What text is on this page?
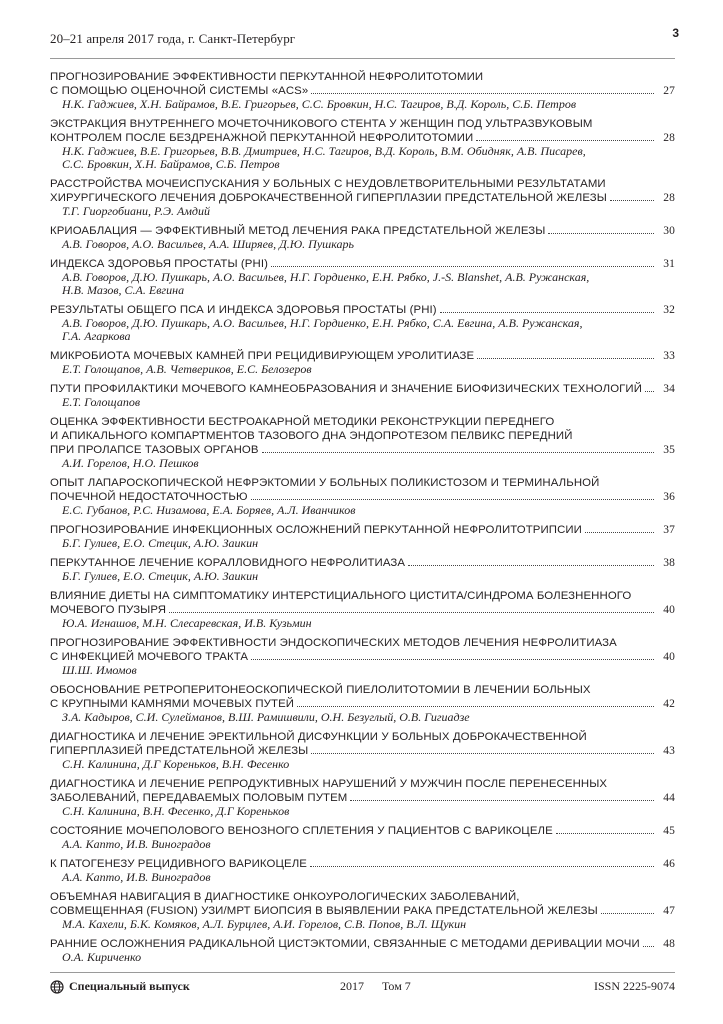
20–21 апреля 2017 года, г. Санкт-Петербург	3
ПРОГНОЗИРОВАНИЕ ЭФФЕКТИВНОСТИ ПЕРКУТАННОЙ НЕФРОЛИТОТОМИИ
С ПОМОЩЬЮ ОЦЕНОЧНОЙ СИСТЕМЫ «ACS»	27
Н.К. Гаджиев, Х.Н. Байрамов, В.Е. Григорьев, С.С. Бровкин, Н.С. Тагиров, В.Д. Король, С.Б. Петров
ЭКСТРАКЦИЯ ВНУТРЕННЕГО МОЧЕТОЧНИКОВОГО СТЕНТА У ЖЕНЩИН ПОД УЛЬТРАЗВУКОВЫМ
КОНТРОЛЕМ ПОСЛЕ БЕЗДРЕНАЖНОЙ ПЕРКУТАННОЙ НЕФРОЛИТОТОМИИ	28
Н.К. Гаджиев, В.Е. Григорьев, В.В. Дмитриев, Н.С. Тагиров, В.Д. Король, В.М. Обидняк, А.В. Писарев,
С.С. Бровкин, Х.Н. Байрамов, С.Б. Петров
РАССТРОЙСТВА МОЧЕИСПУСКАНИЯ У БОЛЬНЫХ С НЕУДОВЛЕТВОРИТЕЛЬНЫМИ РЕЗУЛЬТАТАМИ
ХИРУРГИЧЕСКОГО ЛЕЧЕНИЯ ДОБРОКАЧЕСТВЕННОЙ ГИПЕРПЛАЗИИ ПРЕДСТАТЕЛЬНОЙ ЖЕЛЕЗЫ	28
Т.Г. Гиоргобиани, Р.Э. Амдий
КРИОАБЛАЦИЯ — ЭФФЕКТИВНЫЙ МЕТОД ЛЕЧЕНИЯ РАКА ПРЕДСТАТЕЛЬНОЙ ЖЕЛЕЗЫ	30
А.В. Говоров, А.О. Васильев, А.А. Ширяев, Д.Ю. Пушкарь
ИНДЕКСА ЗДОРОВЬЯ ПРОСТАТЫ (PHI)	31
А.В. Говоров, Д.Ю. Пушкарь, А.О. Васильев, Н.Г. Гордиенко, Е.Н. Рябко, J.-S. Blanshet, А.В. Ружанская,
Н.В. Мазов, С.А. Евгина
РЕЗУЛЬТАТЫ ОБЩЕГО ПСА И ИНДЕКСА ЗДОРОВЬЯ ПРОСТАТЫ (PHI)	32
А.В. Говоров, Д.Ю. Пушкарь, А.О. Васильев, Н.Г. Гордиенко, Е.Н. Рябко, С.А. Евгина, А.В. Ружанская,
Г.А. Агаркова
МИКРОБИОТА МОЧЕВЫХ КАМНЕЙ ПРИ РЕЦИДИВИРУЮЩЕМ УРОЛИТИАЗЕ	33
Е.Т. Голощапов, А.В. Четвериков, Е.С. Белозеров
ПУТИ ПРОФИЛАКТИКИ МОЧЕВОГО КАМНЕОБРАЗОВАНИЯ И ЗНАЧЕНИЕ БИОФИЗИЧЕСКИХ ТЕХНОЛОГИЙ	34
Е.Т. Голощапов
ОЦЕНКА ЭФФЕКТИВНОСТИ БЕСТРОАКАРНОЙ МЕТОДИКИ РЕКОНСТРУКЦИИ ПЕРЕДНЕГО
И АПИКАЛЬНОГО КОМПАРТМЕНТОВ ТАЗОВОГО ДНА ЭНДОПРОТЕЗОМ ПЕЛВИКС ПЕРЕДНИЙ
ПРИ ПРОЛАПСЕ ТАЗОВЫХ ОРГАНОВ	35
А.И. Горелов, Н.О. Пешков
ОПЫТ ЛАПАРОСКОПИЧЕСКОЙ НЕФРЭКТОМИИ У БОЛЬНЫХ ПОЛИКИСТОЗОМ И ТЕРМИНАЛЬНОЙ
ПОЧЕЧНОЙ НЕДОСТАТОЧНОСТЬЮ	36
Е.С. Губанов, Р.С. Низамова, Е.А. Боряев, А.Л. Иванчиков
ПРОГНОЗИРОВАНИЕ ИНФЕКЦИОННЫХ ОСЛОЖНЕНИЙ ПЕРКУТАННОЙ НЕФРОЛИТОТРИПСИИ	37
Б.Г. Гулиев, Е.О. Стецик, А.Ю. Заикин
ПЕРКУТАННОЕ ЛЕЧЕНИЕ КОРАЛЛОВИДНОГО НЕФРОЛИТИАЗА	38
Б.Г. Гулиев, Е.О. Стецик, А.Ю. Заикин
ВЛИЯНИЕ ДИЕТЫ НА СИМПТОМАТИКУ ИНТЕРСТИЦИАЛЬНОГО ЦИСТИТА/СИНДРОМА БОЛЕЗНЕННОГО
МОЧЕВОГО ПУЗЫРЯ	40
Ю.А. Игнашов, М.Н. Слесаревская, И.В. Кузьмин
ПРОГНОЗИРОВАНИЕ ЭФФЕКТИВНОСТИ ЭНДОСКОПИЧЕСКИХ МЕТОДОВ ЛЕЧЕНИЯ НЕФРОЛИТИАЗА
С ИНФЕКЦИЕЙ МОЧЕВОГО ТРАКТА	40
Ш.Ш. Имомов
ОБОСНОВАНИЕ РЕТРОПЕРИТОНЕОСКОПИЧЕСКОЙ ПИЕЛОЛИТОТОМИИ В ЛЕЧЕНИИ БОЛЬНЫХ
С КРУПНЫМИ КАМНЯМИ МОЧЕВЫХ ПУТЕЙ	42
З.А. Кадыров, С.И. Сулейманов, В.Ш. Рамишвили, О.Н. Безуглый, О.В. Гигиадзе
ДИАГНОСТИКА И ЛЕЧЕНИЕ ЭРЕКТИЛЬНОЙ ДИСФУНКЦИИ У БОЛЬНЫХ ДОБРОКАЧЕСТВЕННОЙ
ГИПЕРПЛАЗИЕЙ ПРЕДСТАТЕЛЬНОЙ ЖЕЛЕЗЫ	43
С.Н. Калинина, Д.Г Кореньков, В.Н. Фесенко
ДИАГНОСТИКА И ЛЕЧЕНИЕ РЕПРОДУКТИВНЫХ НАРУШЕНИЙ У МУЖЧИН ПОСЛЕ ПЕРЕНЕСЕННЫХ
ЗАБОЛЕВАНИЙ, ПЕРЕДАВАЕМЫХ ПОЛОВЫМ ПУТЕМ	44
С.Н. Калинина, В.Н. Фесенко, Д.Г Кореньков
СОСТОЯНИЕ МОЧЕПОЛОВОГО ВЕНОЗНОГО СПЛЕТЕНИЯ У ПАЦИЕНТОВ С ВАРИКОЦЕЛЕ	45
А.А. Капто, И.В. Виноградов
К ПАТОГЕНЕЗУ РЕЦИДИВНОГО ВАРИКОЦЕЛЕ	46
А.А. Капто, И.В. Виноградов
ОБЪЕМНАЯ НАВИГАЦИЯ В ДИАГНОСТИКЕ ОНКОУРОЛОГИЧЕСКИХ ЗАБОЛЕВАНИЙ,
СОВМЕЩЕННАЯ (FUSION) УЗИ/МРТ БИОПСИЯ В ВЫЯВЛЕНИИ РАКА ПРЕДСТАТЕЛЬНОЙ ЖЕЛЕЗЫ	47
М.А. Кахели, Б.К. Комяков, А.Л. Бурцлев, А.И. Горелов, С.В. Попов, В.Л. Щукин
РАННИЕ ОСЛОЖНЕНИЯ РАДИКАЛЬНОЙ ЦИСТЭКТОМИИ, СВЯЗАННЫЕ С МЕТОДАМИ ДЕРИВАЦИИ МОЧИ	48
О.А. Кириченко
Специальный выпуск	2017 Том 7	ISSN 2225-9074
